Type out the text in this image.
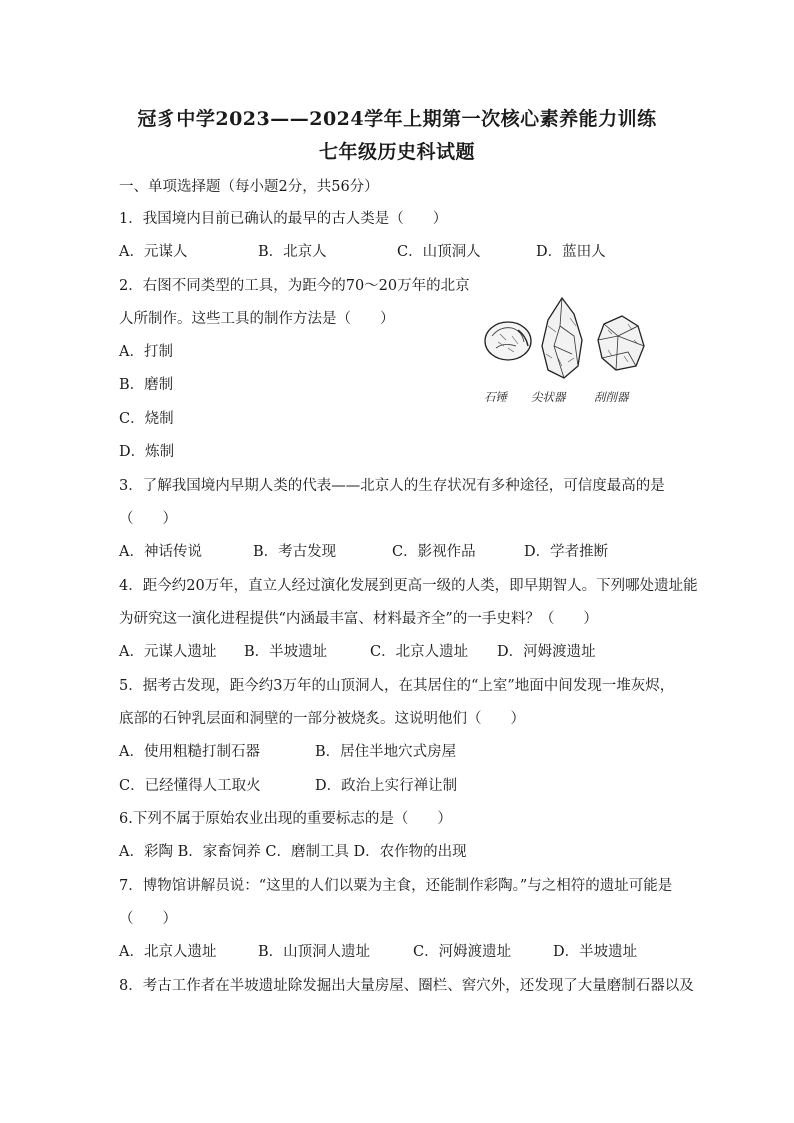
冠豸中学2023——2024学年上期第一次核心素养能力训练
七年级历史科试题
一、单项选择题（每小题2分，共56分）
1．我国境内目前已确认的最早的古人类是（　　）
A．元谋人	B．北京人	C．山顶洞人	D．蓝田人
2．右图不同类型的工具，为距今的70～20万年的北京
人所制作。这些工具的制作方法是（　　）
A．打制
B．磨制
C．烧制
D．炼制
石锤 尖状器 刮削器
3．了解我国境内早期人类的代表——北京人的生存状况有多种途径，可信度最高的是
（　　）
A．神话传说	B．考古发现	C．影视作品	D．学者推断
4．距今约20万年，直立人经过演化发展到更高一级的人类，即早期智人。下列哪处遗址能
为研究这一演化进程提供“内涵最丰富、材料最齐全”的一手史料？（　　）
A．元谋人遗址 B．半坡遗址	C．北京人遗址 D．河姆渡遗址
5．据考古发现，距今约3万年的山顶洞人，在其居住的“上室”地面中间发现一堆灰烬，
底部的石钟乳层面和洞壁的一部分被烧炙。这说明他们（　　）
A．使用粗糙打制石器	B．居住半地穴式房屋
C．已经懂得人工取火	D．政治上实行禅让制
6.下列不属于原始农业出现的重要标志的是（　　）
A．彩陶 B．家畜饲养 C．磨制工具 D．农作物的出现
7．博物馆讲解员说：“这里的人们以粟为主食，还能制作彩陶。”与之相符的遗址可能是
（　　）
A．北京人遗址	B．山顶洞人遗址	C．河姆渡遗址	D．半坡遗址
8．考古工作者在半坡遗址除发掘出大量房屋、圈栏、窖穴外，还发现了大量磨制石器以及
